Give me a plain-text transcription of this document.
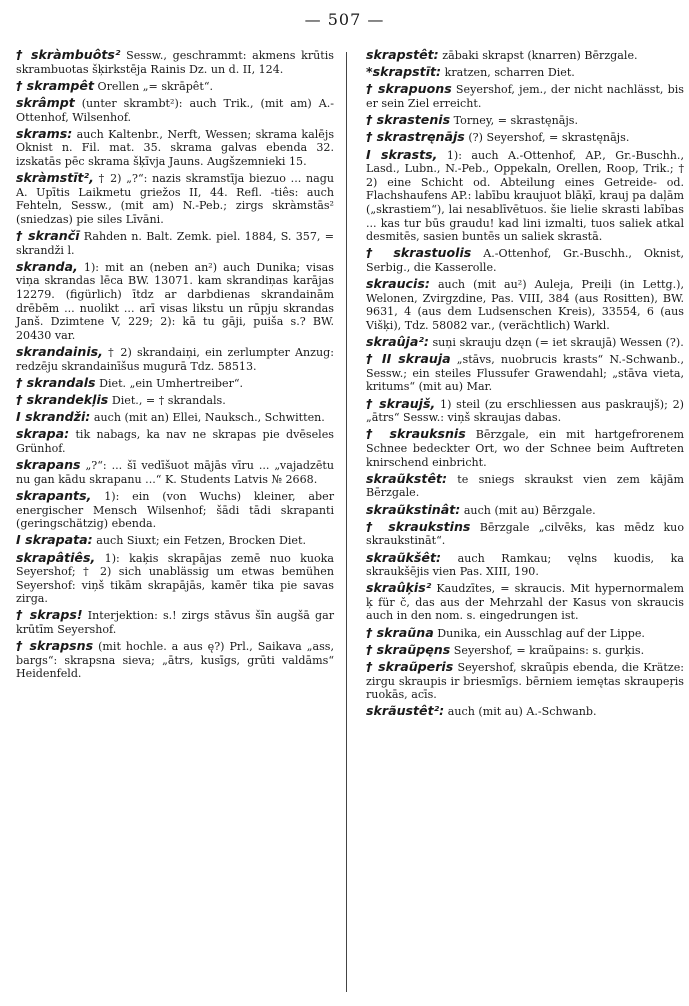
— 507 —

† skràmbuôts² Sessw., geschrammt: akmens krūtis skrambuotas šķirkstēja Rainis Dz. un d. II, 124.

† skrampêt Orellen „= skrāpêt“.

skrâmpt (unter skrambt²): auch Trik., (mit am) A.-Ottenhof, Wilsenhof.

skrams: auch Kaltenbr., Nerft, Wessen; skrama kalējs Oknist n. Fil. mat. 35. skrama galvas ebenda 32. izskatās pēc skrama šķīvja Jauns. Augšzemnieki 15.

skràmstīt², † 2) „?“: nazis skramstīja biezuo ... nagu A. Upītis Laikmetu griežos II, 44. Refl. -tiês: auch Fehteln, Sessw., (mit am) N.-Peb.; zirgs skràmstās² (sniedzas) pie siles Līvāni.

† skrančī Rahden n. Balt. Zemk. piel. 1884, S. 357, = skrandži l.

skranda, 1): mit an (neben an²) auch Dunika; visas viņa skrandas lēca BW. 13071. kam skrandiņas karājas 12279. (figürlich) ītdz ar darbdienas skrandainām drēbēm ... nuolikt ... arī visas likstu un rūpju skrandas Janš. Dzimtene V, 229; 2): kā tu gāji, puiša s.? BW. 20430 var.

skrandainis, † 2) skrandaiņi, ein zerlumpter Anzug: redzēju skrandainīšus mugurā Tdz. 58513.

† skrandals Diet. „ein Umhertreiber“.

† skrandekļis Diet., = † skrandals.

I skrandži: auch (mit an) Ellei, Nauksch., Schwitten.

skrapa: tik nabags, ka nav ne skrapas pie dvēseles Grünhof.

skrapans „?“: ... šī vedīšuot mājās vīru ... „vajadzētu nu gan kādu skrapanu ...“ K. Students Latvis № 2668.

skrapants, 1): ein (von Wuchs) kleiner, aber energischer Mensch Wilsenhof; šādi tādi skrapanti (geringschätzig) ebenda.

I skrapata: auch Siuxt; ein Fetzen, Brocken Diet.

skrapâtiês, 1): kaķis skrapājas zemē nuo kuoka Seyershof; † 2) sich unablässig um etwas bemühen Seyershof: viņš tikām skrapājās, kamēr tika pie savas zirga.

† skraps! Interjektion: s.! zirgs stāvus šīn augšā gar krūtīm Seyershof.

† skrapsns (mit hochle. a aus ę?) Prl., Saikava „ass, bargs“: skrapsna sieva; „ātrs, kusīgs, grūti valdāms“ Heidenfeld.

skrapstêt: zābaki skrapst (knarren) Bērzgale.

*skrapstīt: kratzen, scharren Diet.

† skrapuons Seyershof, jem., der nicht nachlässt, bis er sein Ziel erreicht.

† skrastenis Torney, = skrastęnājs.

† skrastręnājs (?) Seyershof, = skrastęnājs.

I skrasts, 1): auch A.-Ottenhof, AP., Gr.-Buschh., Lasd., Lubn., N.-Peb., Oppekaln, Orellen, Roop, Trik.; † 2) eine Schicht od. Abteilung eines Getreide- od. Flachshaufens AP.: labību kraujuot blāķī, krauj pa daļām („skrastiem“), lai nesablīvētuos. šie lielie skrasti labības ... kas tur būs graudu! kad lini izmalti, tuos saliek atkal desmitēs, sasien buntēs un saliek skrastā.

† skrastuolis A.-Ottenhof, Gr.-Buschh., Oknist, Serbig., die Kasserolle.

skraucis: auch (mit au²) Auleja, Preiļi (in Lettg.), Welonen, Zvirgzdine, Pas. VIII, 384 (aus Rositten), BW. 9631, 4 (aus dem Ludsenschen Kreis), 33554, 6 (aus Višķi), Tdz. 58082 var., (verächtlich) Warkl.

skraûja²: suņi skrauju dzęn (= iet skraujā) Wessen (?).

† II skrauja „stāvs, nuobrucis krasts“ N.-Schwanb., Sessw.; ein steiles Flussufer Grawendahl; „stāva vieta, kritums“ (mit au) Mar.

† skraujš, 1) steil (zu erschliessen aus paskraujš); 2) „ātrs“ Sessw.: viņš skraujas dabas.

† skrauksnis Bērzgale, ein mit hartgefrorenem Schnee bedeckter Ort, wo der Schnee beim Auftreten knirschend einbricht.

skraũkstêt: te sniegs skraukst vien zem kājām Bērzgale.

skraũkstinât: auch (mit au) Bērzgale.

† skraukstins Bērzgale „cilvēks, kas mēdz kuo skraukstināt“.

skraũkšêt: auch Ramkau; vęlns kuodis, ka skraukšējis vien Pas. XIII, 190.

skraûķis² Kaudzītes, = skraucis. Mit hypernormalem ķ für č, das aus der Mehrzahl der Kasus von skraucis auch in den nom. s. eingedrungen ist.

† skraũna Dunika, ein Ausschlag auf der Lippe.

† skraũpęns Seyershof, = kraũpains: s. gurķis.

† skraũperis Seyershof, skraũpis ebenda, die Krätze: zirgu skraupis ir briesmīgs. bērniem iemętas skraupeŗis ruokās, acīs.

skrãustêt²: auch (mit au) A.-Schwanb.
